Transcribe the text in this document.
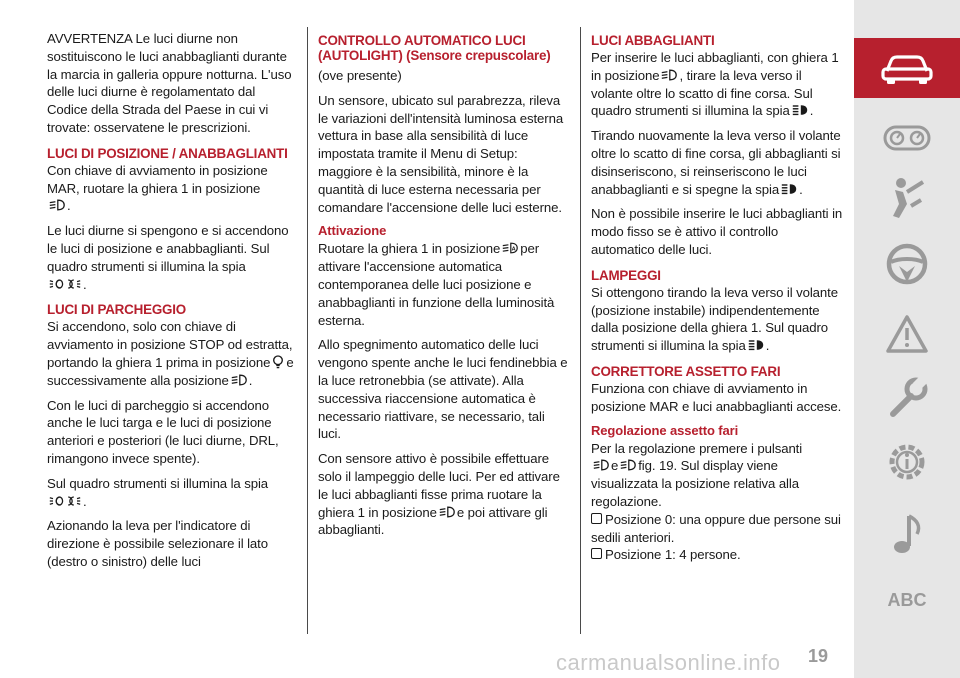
AVVERTENZA Le luci diurne non sostituiscono le luci anabbaglianti durante la marcia in galleria oppure notturna. L'uso delle luci diurne è regolamentato dal Codice della Strada del Paese in cui vi trovate: osservatene le prescrizioni.

LUCI DI POSIZIONE / ANABBAGLIANTI

Con chiave di avviamento in posizione MAR, ruotare la ghiera 1 in posizione
.

Le luci diurne si spengono e si accendono le luci di posizione e anabbaglianti. Sul quadro strumenti si illumina la spia
.

LUCI DI PARCHEGGIO

Si accendono, solo con chiave di avviamento in posizione STOP od estratta, portando la ghiera 1 prima in posizione e successivamente alla posizione .

Con le luci di parcheggio si accendono anche le luci targa e le luci di posizione anteriori e posteriori (le luci diurne, DRL, rimangono invece spente).

Sul quadro strumenti si illumina la spia
.

Azionando la leva per l'indicatore di direzione è possibile selezionare il lato (destro o sinistro) delle luci

CONTROLLO AUTOMATICO LUCI (AUTOLIGHT) (Sensore crepuscolare)

(ove presente)

Un sensore, ubicato sul parabrezza, rileva le variazioni dell'intensità luminosa esterna vettura in base alla sensibilità di luce impostata tramite il Menu di Setup: maggiore è la sensibilità, minore è la quantità di luce esterna necessaria per comandare l'accensione delle luci esterne.

Attivazione

Ruotare la ghiera 1 in posizione per attivare l'accensione automatica contemporanea delle luci posizione e anabbaglianti in funzione della luminosità esterna.

Allo spegnimento automatico delle luci vengono spente anche le luci fendinebbia e la luce retronebbia (se attivate). Alla successiva riaccensione automatica è necessario riattivare, se necessario, tali luci.

Con sensore attivo è possibile effettuare solo il lampeggio delle luci. Per ed attivare le luci abbaglianti fisse prima ruotare la ghiera 1 in posizione e poi attivare gli abbaglianti.

LUCI ABBAGLIANTI

Per inserire le luci abbaglianti, con ghiera 1 in posizione , tirare la leva verso il volante oltre lo scatto di fine corsa. Sul quadro strumenti si illumina la spia .

Tirando nuovamente la leva verso il volante oltre lo scatto di fine corsa, gli abbaglianti si disinseriscono, si reinseriscono le luci anabbaglianti e si spegne la spia .

Non è possibile inserire le luci abbaglianti in modo fisso se è attivo il controllo automatico delle luci.

LAMPEGGI

Si ottengono tirando la leva verso il volante (posizione instabile) indipendentemente dalla posizione della ghiera 1. Sul quadro strumenti si illumina la spia .

CORRETTORE ASSETTO FARI

Funziona con chiave di avviamento in posizione MAR e luci anabbaglianti accese.

Regolazione assetto fari

Per la regolazione premere i pulsanti
e fig. 19. Sul display viene visualizzata la posizione relativa alla regolazione.

Posizione 0: una oppure due persone sui sedili anteriori.
Posizione 1: 4 persone.
ABC
carmanualsonline.info 19
